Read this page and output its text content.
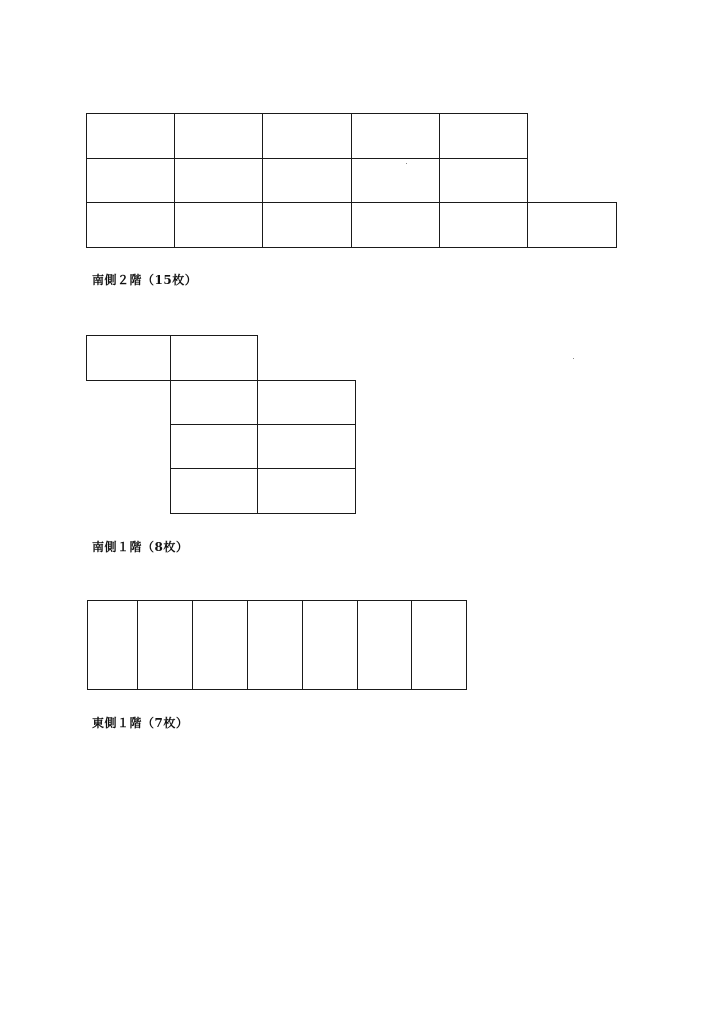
南側２階（15枚）
南側１階（8枚）
東側１階（7枚）
